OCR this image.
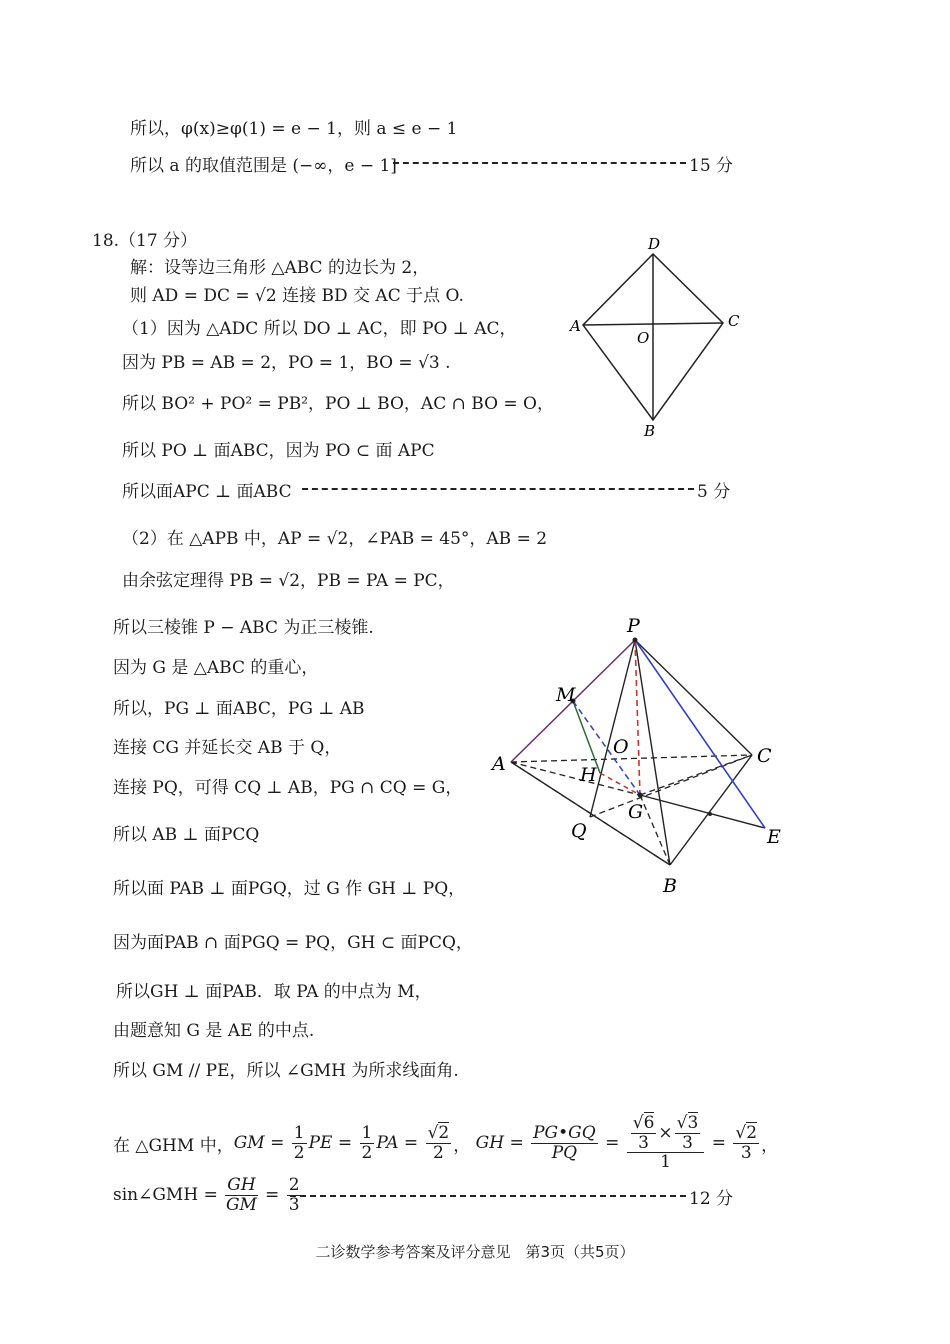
所以，φ(x)≥φ(1) = e − 1，则 a ≤ e − 1
所以 a 的取值范围是 (−∞，e − 1]	15 分
18.（17 分）
解：设等边三角形 △ABC 的边长为 2，
则 AD = DC = √2 连接 BD 交 AC 于点 O.
（1）因为 △ADC 所以 DO ⊥ AC，即 PO ⊥ AC，
因为 PB = AB = 2，PO = 1，BO = √3 .
所以 BO² + PO² = PB²，PO ⊥ BO，AC ∩ BO = O，
所以 PO ⊥ 面ABC，因为 PO ⊂ 面 APC
所以面APC ⊥ 面ABC	5 分
（2）在 △APB 中，AP = √2，∠PAB = 45°，AB = 2
由余弦定理得 PB = √2，PB = PA = PC，
所以三棱锥 P − ABC 为正三棱锥.
因为 G 是 △ABC 的重心，
所以，PG ⊥ 面ABC，PG ⊥ AB
连接 CG 并延长交 AB 于 Q，
连接 PQ，可得 CQ ⊥ AB，PG ∩ CQ = G，
所以 AB ⊥ 面PCQ
所以面 PAB ⊥ 面PGQ，过 G 作 GH ⊥ PQ，
因为面PAB ∩ 面PGQ = PQ，GH ⊂ 面PCQ，
所以GH ⊥ 面PAB．取 PA 的中点为 M，
由题意知 G 是 AE 的中点.
所以 GM // PE，所以 ∠GMH 为所求线面角.
在 △GHM 中， GM = $\frac{1}{2}$ PE = $\frac{1}{2}$ PA = $\frac{√2}{2}$ ， GH = $\frac{PG•GQ}{PQ} = \frac{\frac{√6}{3} \times \frac{√3}{3}}{1} = \frac{√2}{3}$ ，
sin∠GMH =
$\frac{GH}{GM} = \frac{2}{3}$	12 分
D
A
O
C
B
P
M
O
A	H
C
G
Q	E
B
二诊数学参考答案及评分意见　第3页（共5页）
